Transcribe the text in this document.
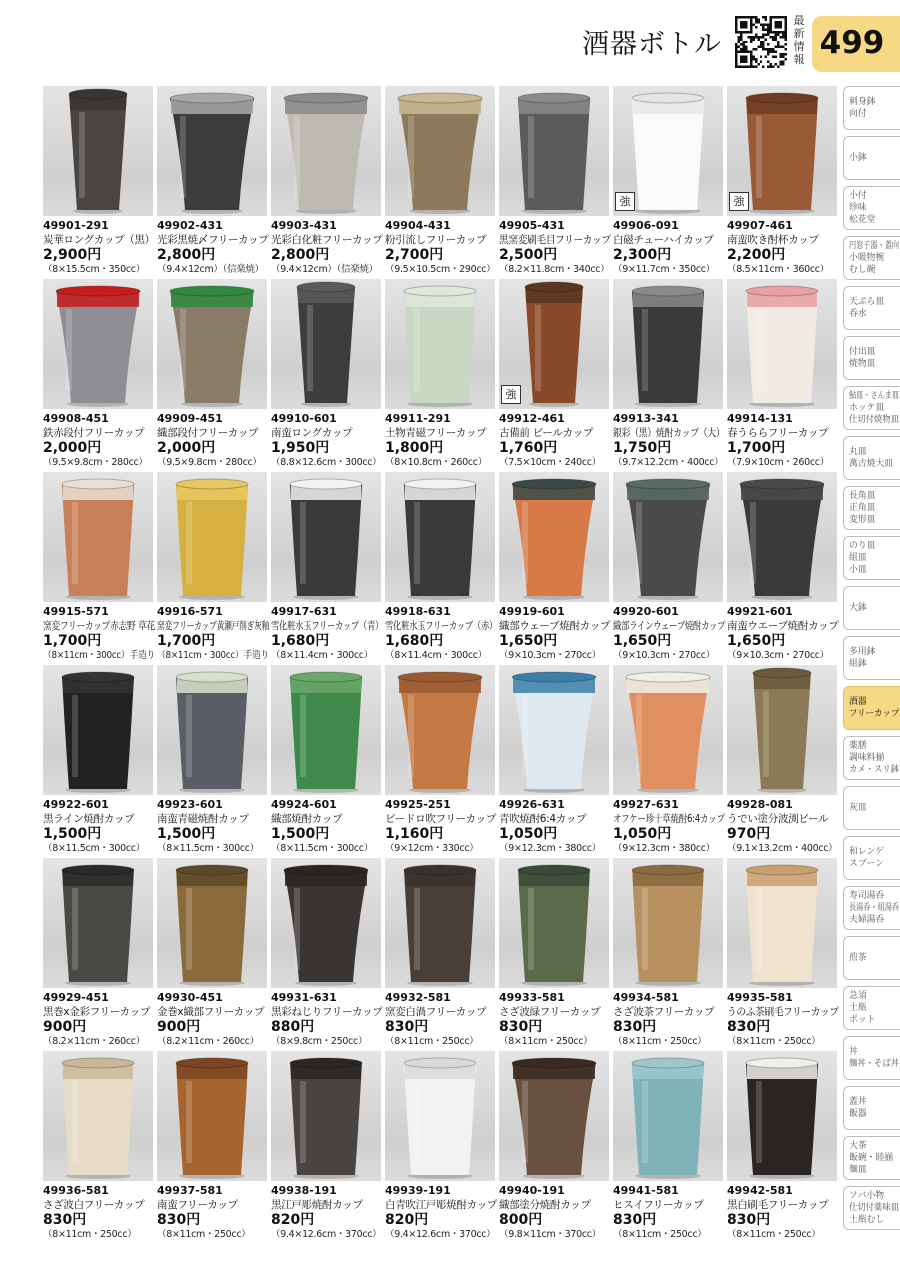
酒器ボトル
最新情報 499
49901-291
炭華ロングカップ（黒）
2,900円
（8×15.5cm・350cc）
49902-431
光彩黒焼〆フリーカップ
2,800円
（9.4×12cm）（信楽焼）
49903-431
光彩白化粧フリーカップ
2,800円
（9.4×12cm）（信楽焼）
49904-431
粉引流しフリーカップ
2,700円
（9.5×10.5cm・290cc）
49905-431
黒窯変刷毛目フリーカップ
2,500円
（8.2×11.8cm・340cc）
強
49906-091
白磁チューハイカップ
2,300円
（9×11.7cm・350cc）
強
49907-461
南蛮吹き酎杯カップ
2,200円
（8.5×11cm・360cc）
49908-451
鉄赤段付フリーカップ
2,000円
（9.5×9.8cm・280cc）
49909-451
織部段付フリーカップ
2,000円
（9.5×9.8cm・280cc）
49910-601
南蛮ロングカップ
1,950円
（8.8×12.6cm・300cc）
49911-291
土物青磁フリーカップ
1,800円
（8×10.8cm・260cc）
強
49912-461
古備前 ビールカップ
1,760円
（7.5×10cm・240cc）
49913-341
銀彩（黒）焼酎カップ（大）
1,750円
（9.7×12.2cm・400cc）
49914-131
春うららフリーカップ
1,700円
（7.9×10cm・260cc）
49915-571
窯変フリーカップ赤志野 草花
1,700円
（8×11cm・300cc）手造り
49916-571
窯変フリーカップ黄瀬戸削ぎ灰釉
1,700円
（8×11cm・300cc）手造り
49917-631
雪化粧水玉フリーカップ（青）
1,680円
（8×11.4cm・300cc）
49918-631
雪化粧水玉フリーカップ（赤）
1,680円
（8×11.4cm・300cc）
49919-601
織部ウェーブ焼酎カップ
1,650円
（9×10.3cm・270cc）
49920-601
織部ラインウェーブ焼酎カップ
1,650円
（9×10.3cm・270cc）
49921-601
南蛮ウエーブ焼酎カップ
1,650円
（9×10.3cm・270cc）
49922-601
黒ライン焼酎カップ
1,500円
（8×11.5cm・300cc）
49923-601
南蛮青磁焼酎カップ
1,500円
（8×11.5cm・300cc）
49924-601
織部焼酎カップ
1,500円
（8×11.5cm・300cc）
49925-251
ビードロ吹フリーカップ
1,160円
（9×12cm・330cc）
49926-631
青吹焼酎6:4カップ
1,050円
（9×12.3cm・380cc）
49927-631
オフケー珍十草焼酎6:4カップ
1,050円
（9×12.3cm・380cc）
49928-081
うでい塗分波渕ビール
970円
（9.1×13.2cm・400cc）
49929-451
黒巻x金彩フリーカップ
900円
（8.2×11cm・260cc）
49930-451
金巻x織部フリーカップ
900円
（8.2×11cm・260cc）
49931-631
黒彩ねじりフリーカップ
880円
（8×9.8cm・250cc）
49932-581
窯変白渦フリーカップ
830円
（8×11cm・250cc）
49933-581
さざ波緑フリーカップ
830円
（8×11cm・250cc）
49934-581
さざ波茶フリーカップ
830円
（8×11cm・250cc）
49935-581
うのふ茶刷毛フリーカップ
830円
（8×11cm・250cc）
49936-581
さざ波白フリーカップ
830円
（8×11cm・250cc）
49937-581
南蛮フリーカップ
830円
（8×11cm・250cc）
49938-191
黒江戸彫焼酎カップ
820円
（9.4×12.6cm・370cc）
49939-191
白青吹江戸彫焼酎カップ
820円
（9.4×12.6cm・370cc）
49940-191
織部塗分焼酎カップ
800円
（9.8×11cm・370cc）
49941-581
ヒスイフリーカップ
830円
（8×11cm・250cc）
49942-581
黒白刷毛フリーカップ
830円
（8×11cm・250cc）
刺身鉢
向付
小鉢
小付
珍味
松花堂
円窓子器・蓋向
小吸物椀
むし碗
天ぷら皿
呑水
付出皿
焼物皿
鮎皿・さんま皿
ホッケ皿
仕切付焼物皿
丸皿
萬古焼大皿
長角皿
正角皿
変形皿
のり皿
組皿
小皿
大鉢
多用鉢
組鉢
酒器
フリーカップ
薬膳
調味料揃
カメ・スリ鉢
灰皿
和レンゲ
スプーン
寿司湯呑
長湯呑・組湯呑
夫婦湯呑
煎茶
急須
土瓶
ポット
丼
麺丼・そば丼
蓋丼
飯器
大茶
飯碗・睦揃
麺皿
ソバ小物
仕切付薬味皿
土瓶むし
